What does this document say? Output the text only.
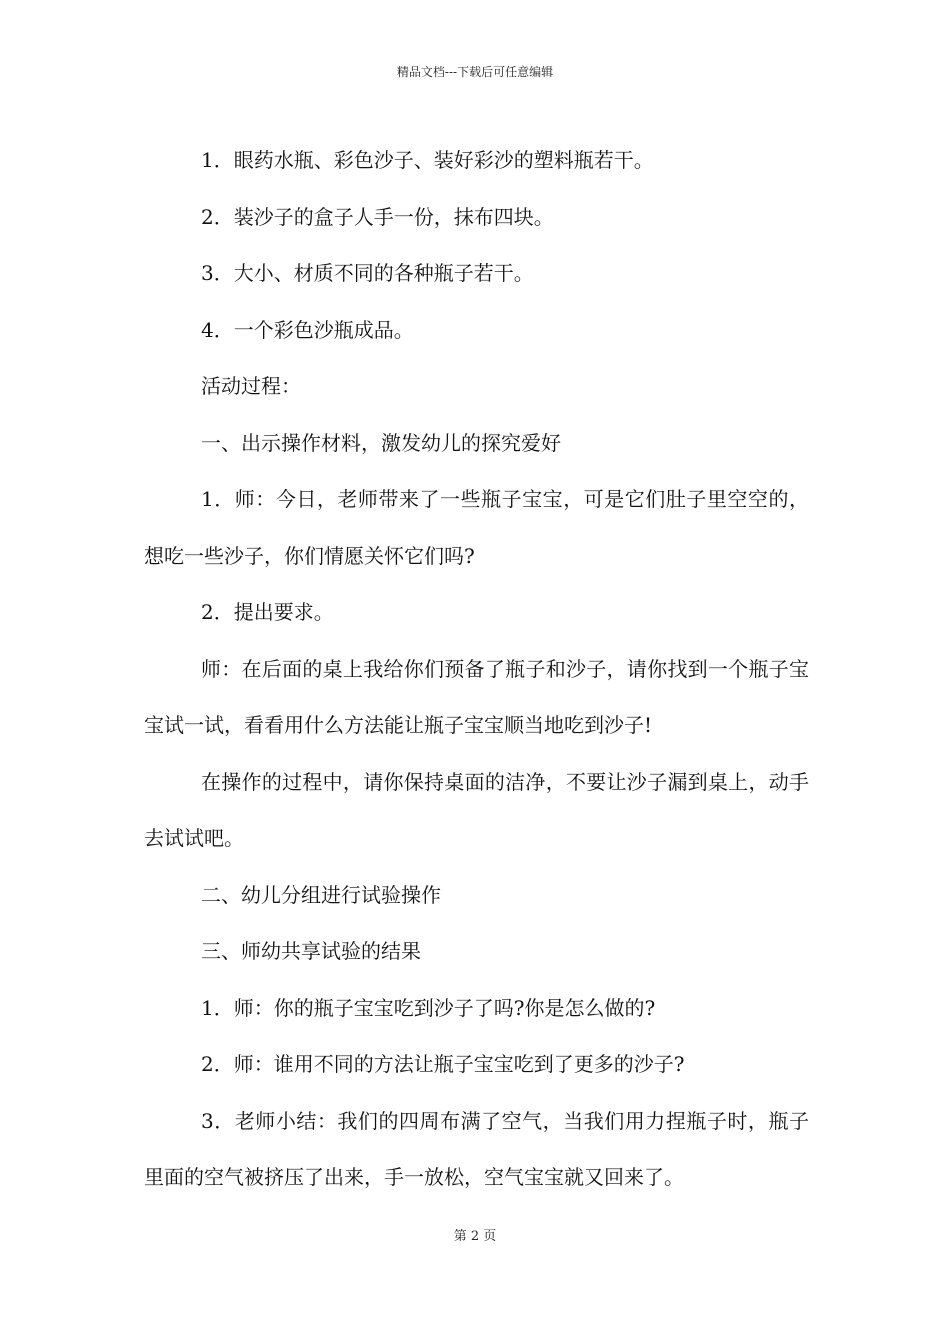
精品文档---下载后可任意编辑

1．眼药水瓶、彩色沙子、装好彩沙的塑料瓶若干。

2．装沙子的盒子人手一份，抹布四块。

3．大小、材质不同的各种瓶子若干。

4．一个彩色沙瓶成品。

活动过程：

一、出示操作材料，激发幼儿的探究爱好

1．师：今日，老师带来了一些瓶子宝宝，可是它们肚子里空空的，想吃一些沙子，你们情愿关怀它们吗?

2．提出要求。

师：在后面的桌上我给你们预备了瓶子和沙子，请你找到一个瓶子宝宝试一试，看看用什么方法能让瓶子宝宝顺当地吃到沙子!

在操作的过程中，请你保持桌面的洁净，不要让沙子漏到桌上，动手去试试吧。

二、幼儿分组进行试验操作

三、师幼共享试验的结果

1．师：你的瓶子宝宝吃到沙子了吗?你是怎么做的?

2．师：谁用不同的方法让瓶子宝宝吃到了更多的沙子?

3．老师小结：我们的四周布满了空气，当我们用力捏瓶子时，瓶子里面的空气被挤压了出来，手一放松，空气宝宝就又回来了。

第 2 页
